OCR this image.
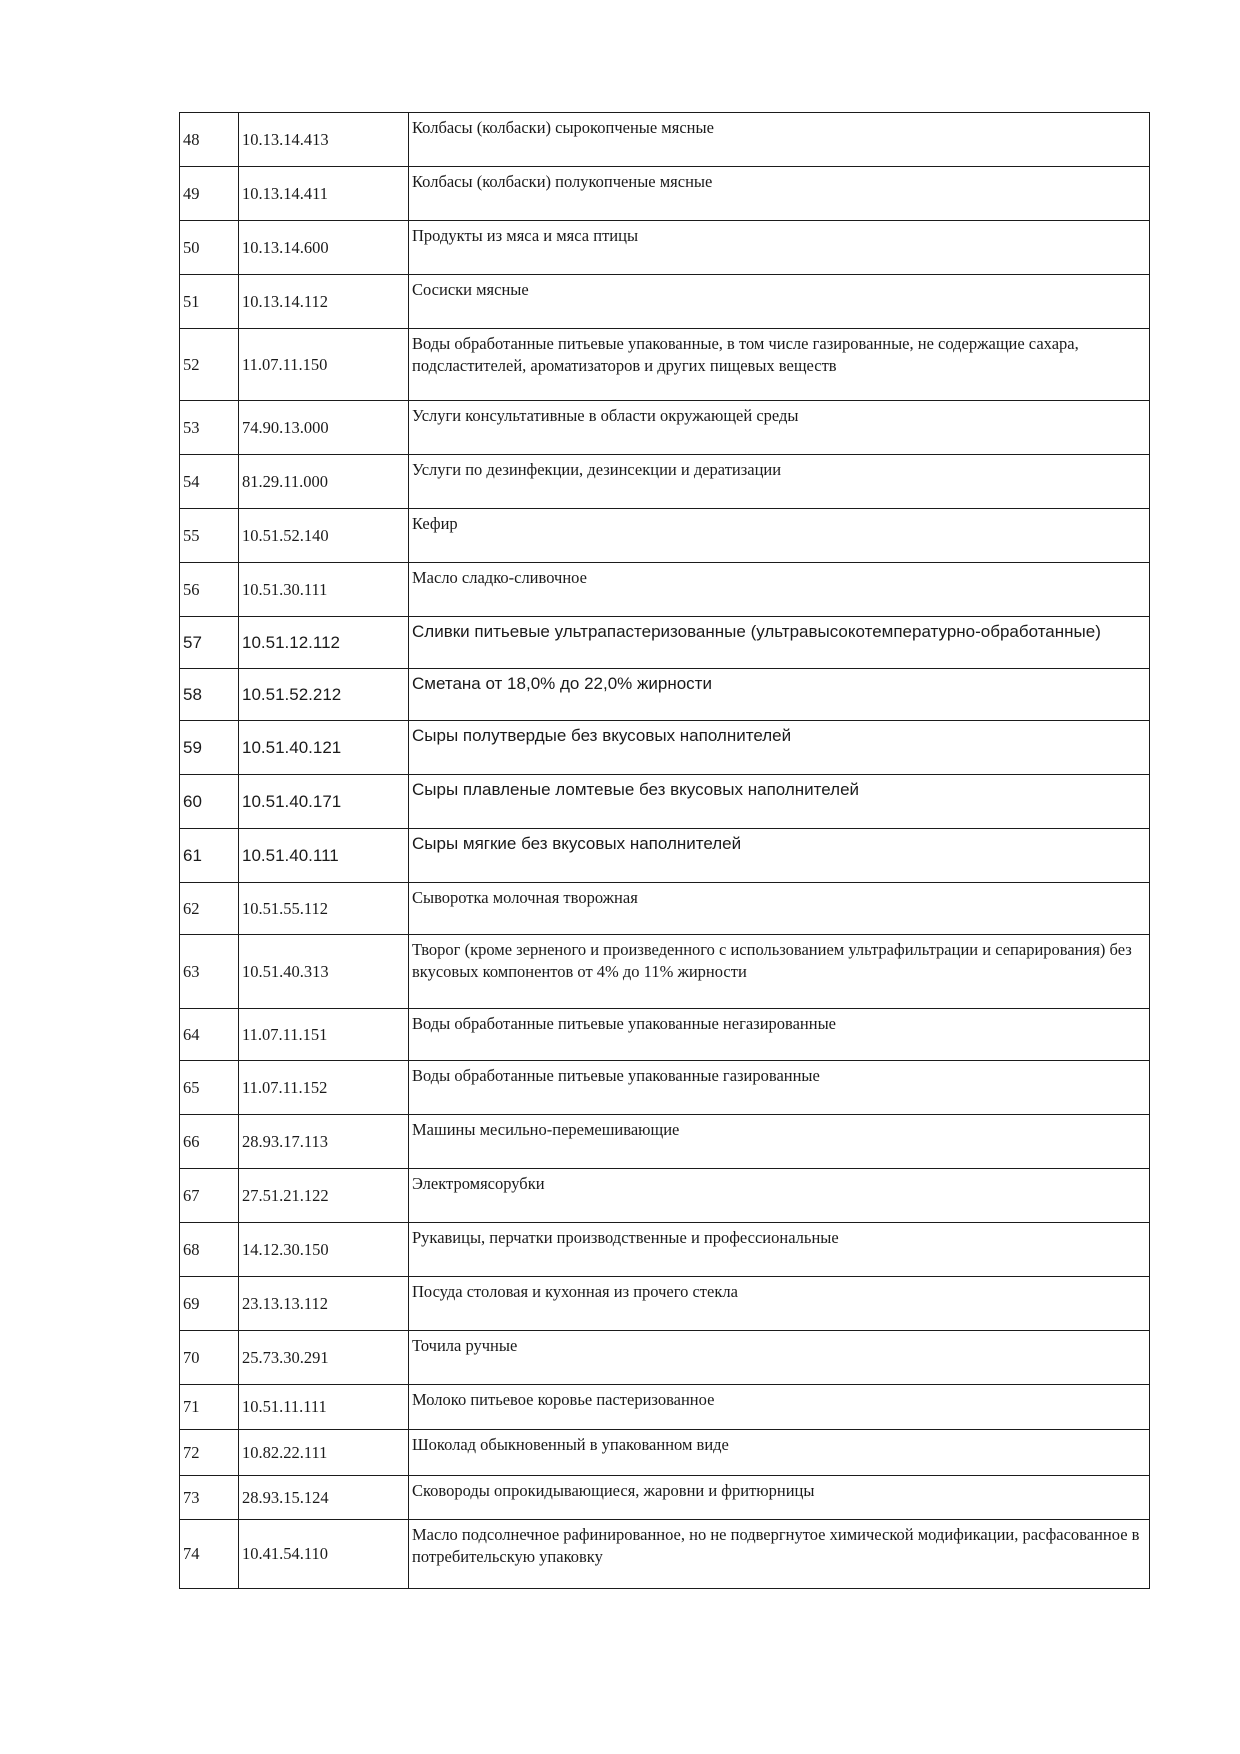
48	10.13.14.413	Колбасы (колбаски) сырокопченые мясные
49	10.13.14.411	Колбасы (колбаски) полукопченые мясные
50	10.13.14.600	Продукты из мяса и мяса птицы
51	10.13.14.112	Сосиски мясные
52	11.07.11.150	Воды обработанные питьевые упакованные, в том числе газированные, не содержащие сахара, подсластителей, ароматизаторов и других пищевых веществ
53	74.90.13.000	Услуги консультативные в области окружающей среды
54	81.29.11.000	Услуги по дезинфекции, дезинсекции и дератизации
55	10.51.52.140	Кефир
56	10.51.30.111	Масло сладко-сливочное
57	10.51.12.112	Сливки питьевые ультрапастеризованные (ультравысокотемпературно-обработанные)
58	10.51.52.212	Сметана от 18,0% до 22,0% жирности
59	10.51.40.121	Сыры полутвердые без вкусовых наполнителей
60	10.51.40.171	Сыры плавленые ломтевые без вкусовых наполнителей
61	10.51.40.111	Сыры мягкие без вкусовых наполнителей
62	10.51.55.112	Сыворотка молочная творожная
63	10.51.40.313	Творог (кроме зерненого и произведенного с использованием ультрафильтрации и сепарирования) без вкусовых компонентов от 4% до 11% жирности
64	11.07.11.151	Воды обработанные питьевые упакованные негазированные
65	11.07.11.152	Воды обработанные питьевые упакованные газированные
66	28.93.17.113	Машины месильно-перемешивающие
67	27.51.21.122	Электромясорубки
68	14.12.30.150	Рукавицы, перчатки производственные и профессиональные
69	23.13.13.112	Посуда столовая и кухонная из прочего стекла
70	25.73.30.291	Точила ручные
71	10.51.11.111	Молоко питьевое коровье пастеризованное
72	10.82.22.111	Шоколад обыкновенный в упакованном виде
73	28.93.15.124	Сковороды опрокидывающиеся, жаровни и фритюрницы
74	10.41.54.110	Масло подсолнечное рафинированное, но не подвергнутое химической модификации, расфасованное в потребительскую упаковку
